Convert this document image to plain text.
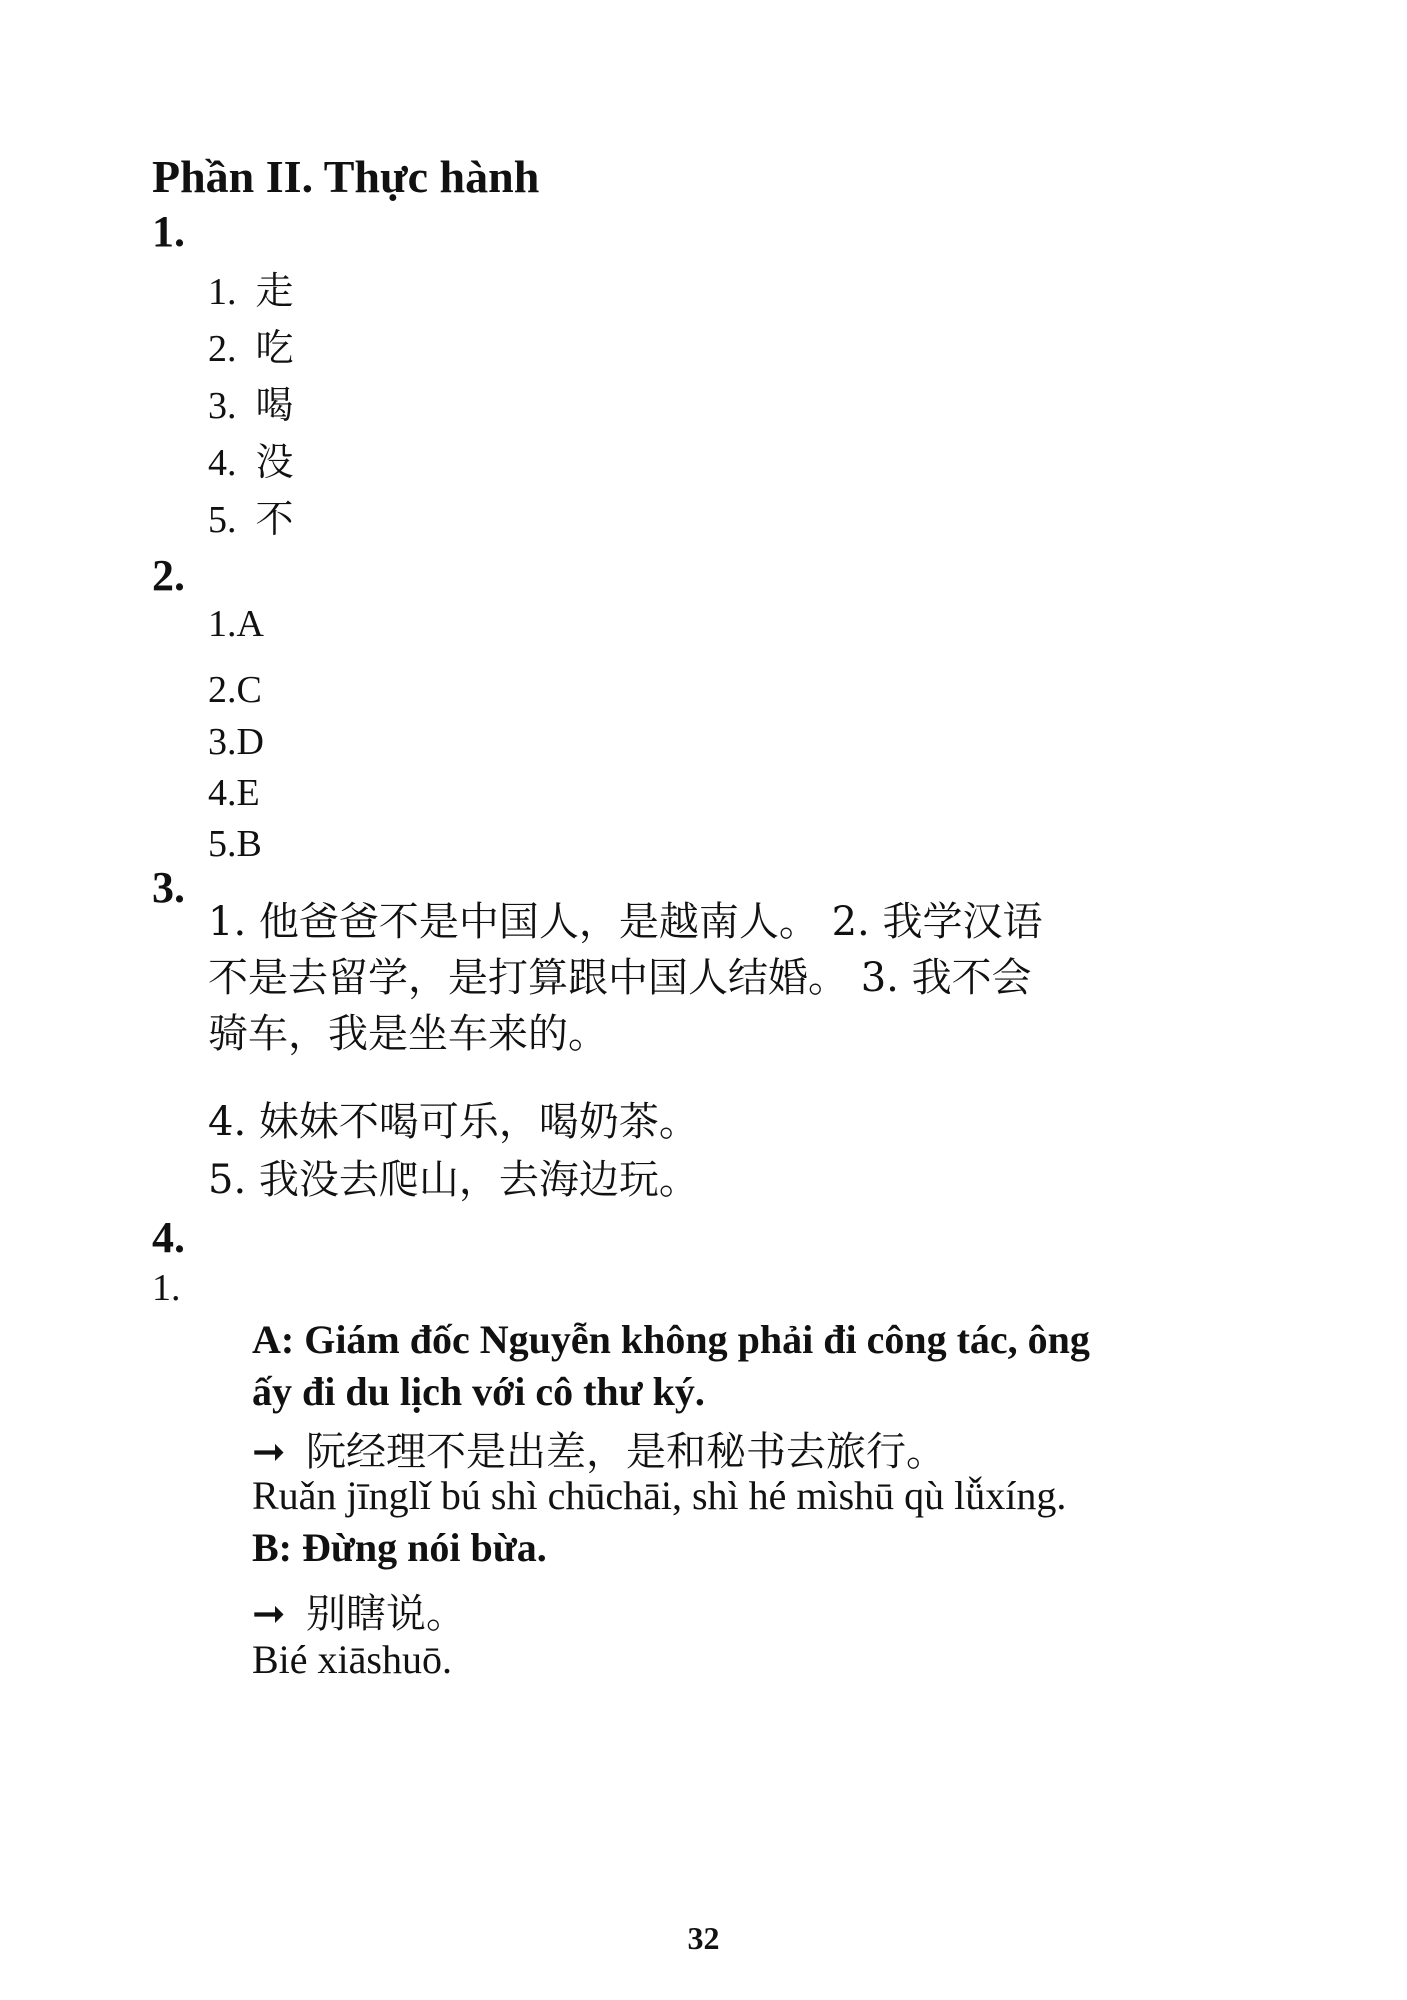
Phần II. Thực hành
1.
1. 走
2. 吃
3. 喝
4. 没
5. 不
2.
1.A
2.C
3.D
4.E
5.B
3.
1. 他爸爸不是中国人，是越南人。 2. 我学汉语
不是去留学，是打算跟中国人结婚。 3. 我不会
骑车，我是坐车来的。
4. 妹妹不喝可乐，喝奶茶。
5. 我没去爬山，去海边玩。
4.
1.
A: Giám đốc Nguyễn không phải đi công tác, ông
ấy đi du lịch với cô thư ký.
➞ 阮经理不是出差，是和秘书去旅行。
Ruǎn jīnglǐ bú shì chūchāi, shì hé mìshū qù lǚxíng.
B: Đừng nói bừa.
➞ 别瞎说。
Bié xiāshuō.
32
